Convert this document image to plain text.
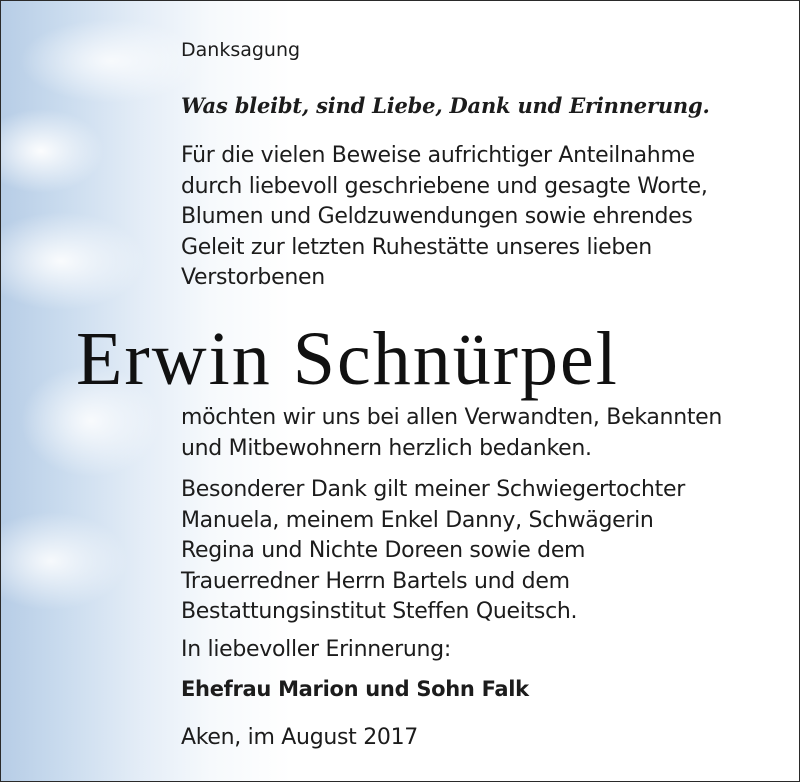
Danksagung

Was bleibt, sind Liebe, Dank und Erinnerung.

Für die vielen Beweise aufrichtiger Anteilnahme
durch liebevoll geschriebene und gesagte Worte,
Blumen und Geldzuwendungen sowie ehrendes
Geleit zur letzten Ruhestätte unseres lieben
Verstorbenen

Erwin Schnürpel

möchten wir uns bei allen Verwandten, Bekannten
und Mitbewohnern herzlich bedanken.
Besonderer Dank gilt meiner Schwiegertochter
Manuela, meinem Enkel Danny, Schwägerin
Regina und Nichte Doreen sowie dem
Trauerredner Herrn Bartels und dem
Bestattungsinstitut Steffen Queitsch.

In liebevoller Erinnerung:

Ehefrau Marion und Sohn Falk

Aken, im August 2017
